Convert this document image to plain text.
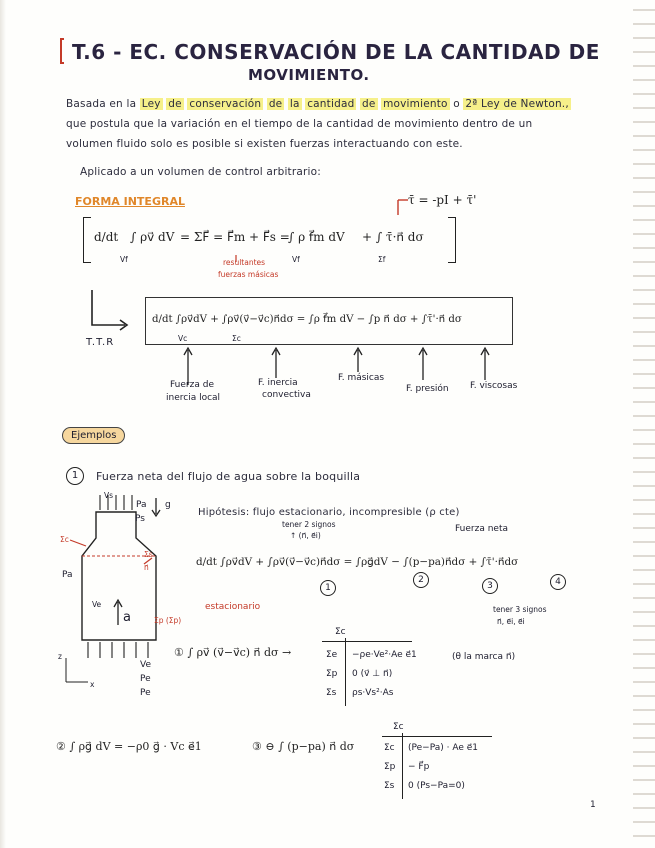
T.6 - EC. CONSERVACIÓN DE LA CANTIDAD DE
MOVIMIENTO.
Basada en la Ley de conservación de la cantidad de movimiento o 2ª Ley de Newton.,
que postula que la variación en el tiempo de la cantidad de movimiento dentro de un
volumen fluido solo es posible si existen fuerzas interactuando con este.
Aplicado a un volumen de control arbitrario:
FORMA INTEGRAL	τ̄ = -pI + τ̄'
d/dt ∫ ρv⃗ dV
Vf
= ΣF⃗ = F⃗m + F⃗s =
∫ ρ f⃗m dV
Vf
+ ∫ τ̄·n⃗ dσ
Σf
resultantes
fuerzas másicas
T.T.R
d/dt ∫ρv⃗dV + ∫ρv⃗(v⃗−v⃗c)n⃗dσ = ∫ρ f⃗m dV − ∫p n⃗ dσ + ∫τ̄'·n⃗ dσ
Vc	Σc
Fuerza de
inercia local
F. inercia
convectiva
F. másicas
F. presión F. viscosas
Ejemplos
1	Fuerza neta del flujo de agua sobre la boquilla
Vs
Pa
Ps
g
Σs
n⃗
Σc
Pa
Ve
a	Σp (Σp)
Ve
Pe
Pe
z
x
Hipótesis: flujo estacionario, incompresible (ρ cte)
Fuerza neta
tener 2 signos
↑ (n⃗, e⃗i)
d/dt ∫ρv⃗dV + ∫ρv⃗(v⃗−v⃗c)n⃗dσ = ∫ρg⃗dV − ∫(p−pa)n⃗dσ + ∫τ̄'·n⃗dσ
estacionario
1
2
3	4
tener 3 signos
n⃗, e⃗i, e⃗i
① ∫ ρv⃗ (v⃗−v⃗c) n⃗ dσ →
Σc
Σe −ρe·Ve²·Ae e⃗1
Σp 0 (v⃗ ⊥ n⃗)
Σs ρs·Vs²·As
(θ la marca n⃗)
② ∫ ρg⃗ dV = −ρ0 g⃗ · Vc e⃗1	③ ⊖ ∫ (p−pa) n⃗ dσ
Σc
Σc (Pe−Pa) · Ae e⃗1
Σp − F⃗p
Σs 0 (Ps−Pa=0)
1
